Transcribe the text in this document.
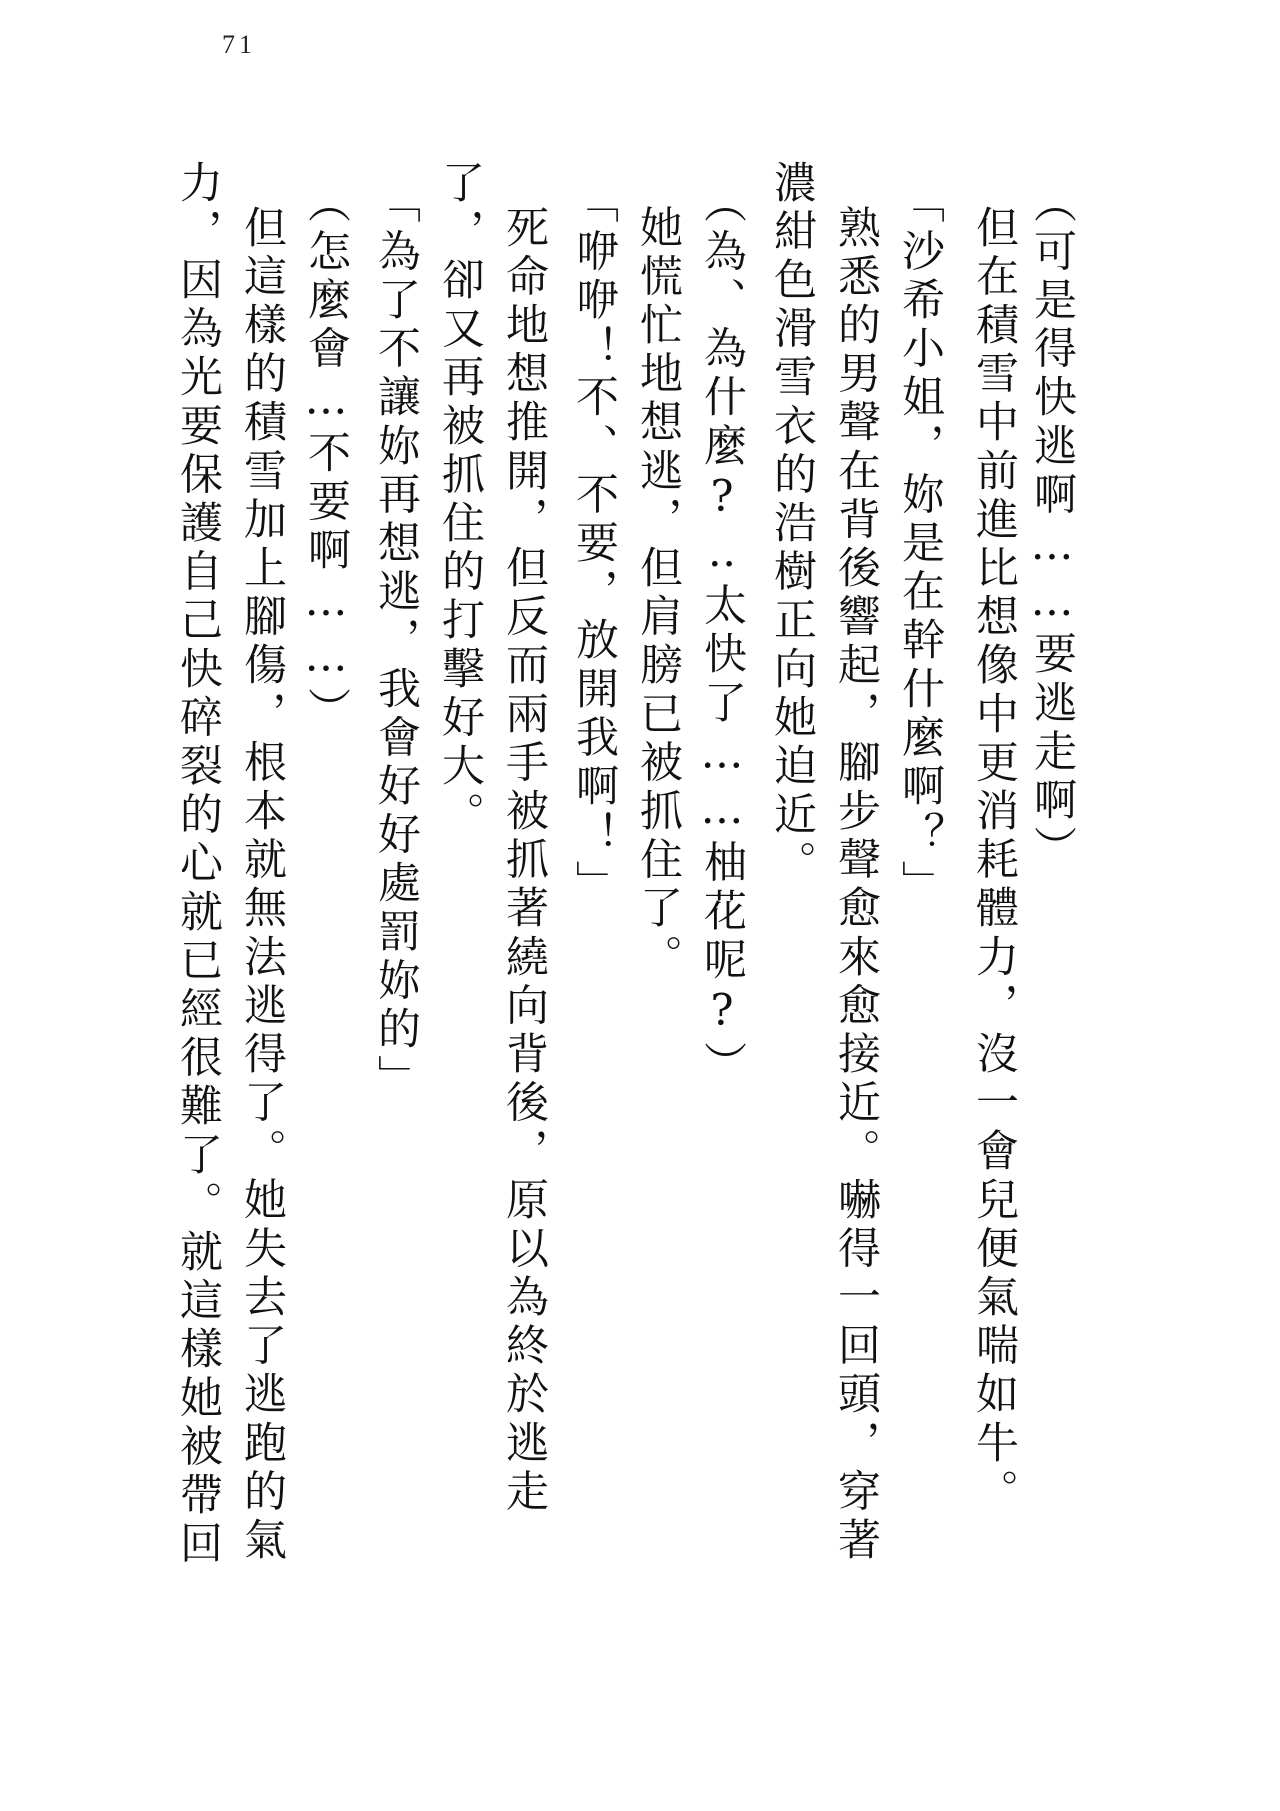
71
（可是得快逃啊……要逃走啊）
但在積雪中前進比想像中更消耗體力，沒一會兒便氣喘如牛。
「沙希小姐，妳是在幹什麼啊？」
熟悉的男聲在背後響起，腳步聲愈來愈接近。嚇得一回頭，穿著
濃紺色滑雪衣的浩樹正向她迫近。
（為、為什麼?‥太快了……柚花呢?）
她慌忙地想逃，但肩膀已被抓住了。
「咿咿！不、不要，放開我啊！」
死命地想推開，但反而兩手被抓著繞向背後，原以為終於逃走
了，卻又再被抓住的打擊好大。
「為了不讓妳再想逃，我會好好處罰妳的」
（怎麼會…不要啊……）
但這樣的積雪加上腳傷，根本就無法逃得了。她失去了逃跑的氣
力，因為光要保護自己快碎裂的心就已經很難了。就這樣她被帶回
